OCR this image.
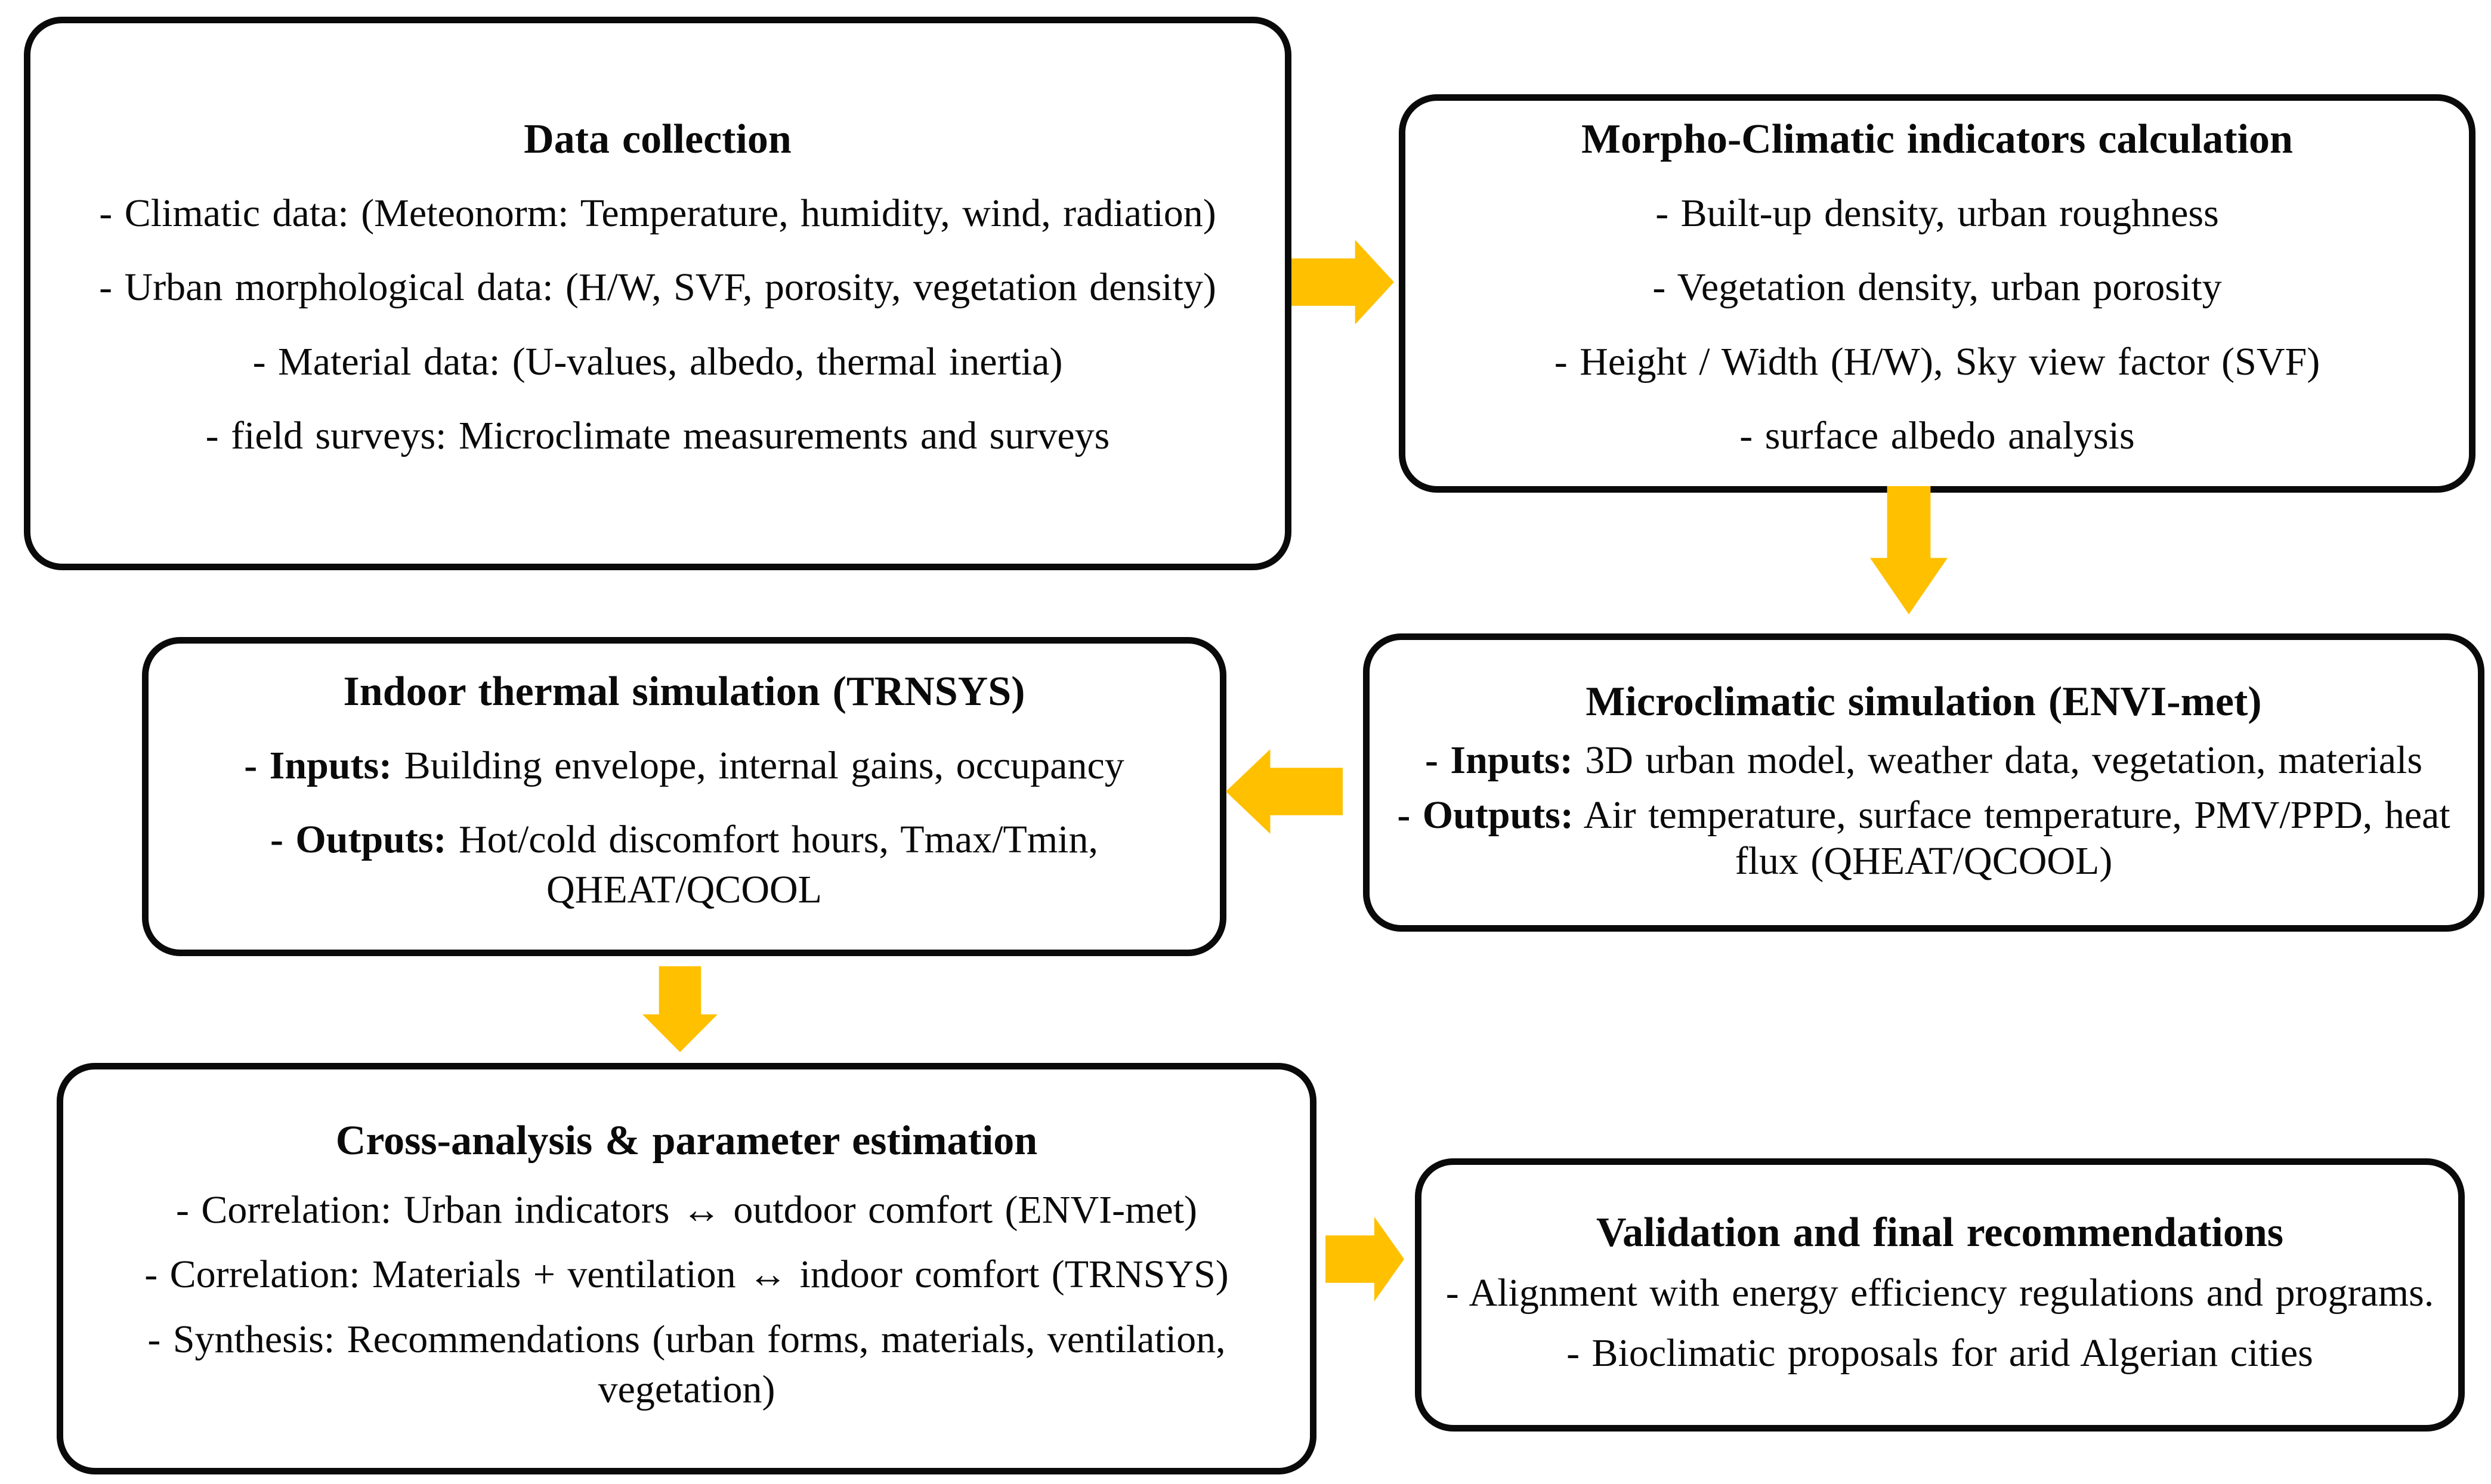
Data collection
- Climatic data: (Meteonorm: Temperature, humidity, wind, radiation)
- Urban morphological data: (H/W, SVF, porosity, vegetation density)
- Material data: (U-values, albedo, thermal inertia)
- field surveys: Microclimate measurements and surveys
Morpho-Climatic indicators calculation
- Built-up density, urban roughness
- Vegetation density, urban porosity
- Height / Width (H/W), Sky view factor (SVF)
- surface albedo analysis
Microclimatic simulation (ENVI-met)
- Inputs: 3D urban model, weather data, vegetation, materials
- Outputs: Air temperature, surface temperature, PMV/PPD, heat flux (QHEAT/QCOOL)
Indoor thermal simulation (TRNSYS)
- Inputs: Building envelope, internal gains, occupancy
- Outputs: Hot/cold discomfort hours, Tmax/Tmin, QHEAT/QCOOL
Cross-analysis & parameter estimation
- Correlation: Urban indicators ↔ outdoor comfort (ENVI-met)
- Correlation: Materials + ventilation ↔ indoor comfort (TRNSYS)
- Synthesis: Recommendations (urban forms, materials, ventilation, vegetation)
Validation and final recommendations
- Alignment with energy efficiency regulations and programs.
- Bioclimatic proposals for arid Algerian cities
